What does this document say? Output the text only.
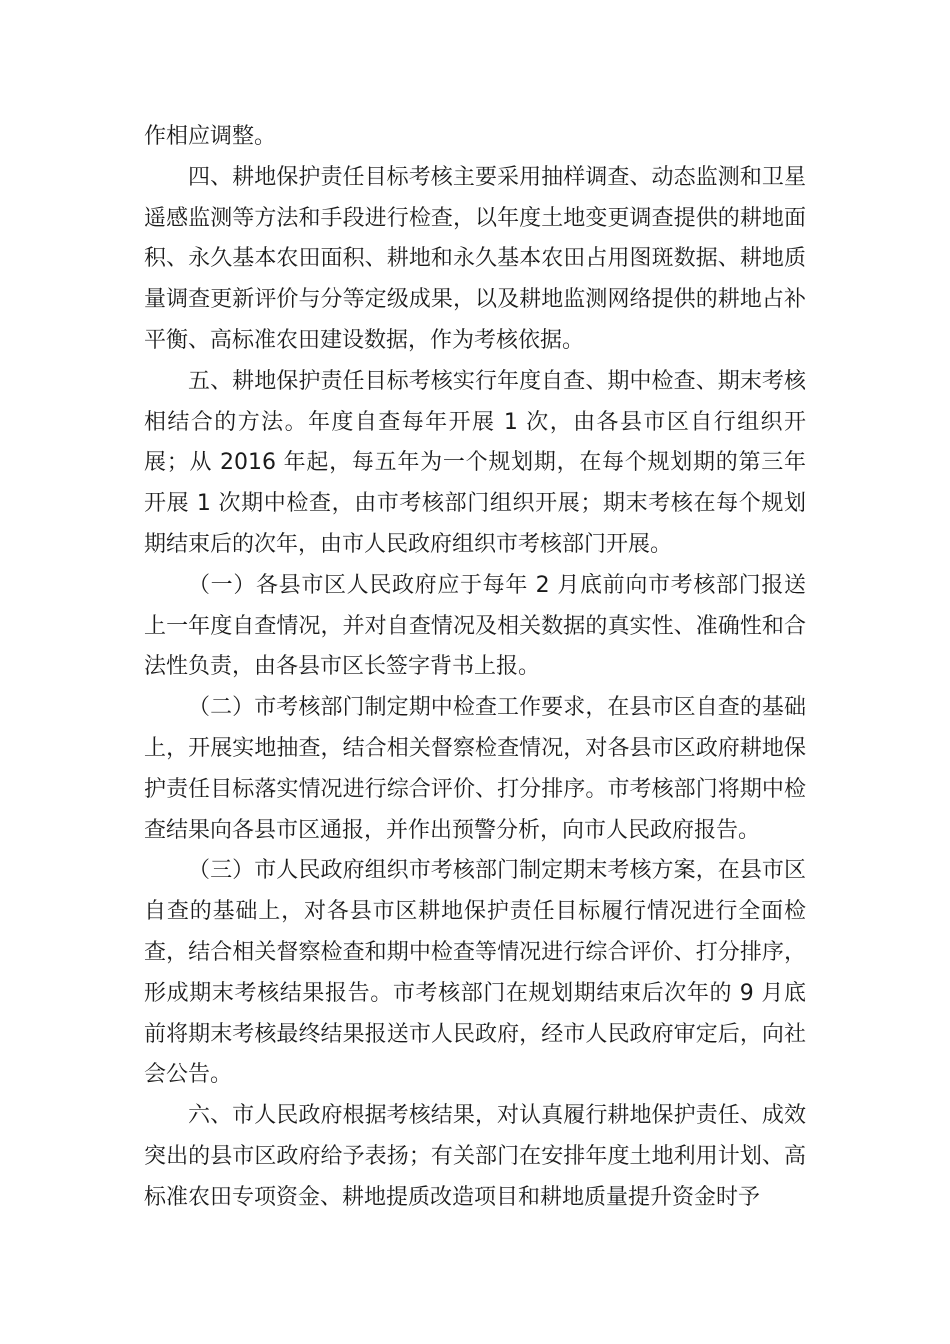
作相应调整。

四、耕地保护责任目标考核主要采用抽样调查、动态监测和卫星遥感监测等方法和手段进行检查，以年度土地变更调查提供的耕地面积、永久基本农田面积、耕地和永久基本农田占用图斑数据、耕地质量调查更新评价与分等定级成果，以及耕地监测网络提供的耕地占补平衡、高标准农田建设数据，作为考核依据。

五、耕地保护责任目标考核实行年度自查、期中检查、期末考核相结合的方法。年度自查每年开展 1 次，由各县市区自行组织开展；从 2016 年起，每五年为一个规划期，在每个规划期的第三年开展 1 次期中检查，由市考核部门组织开展；期末考核在每个规划期结束后的次年，由市人民政府组织市考核部门开展。

（一）各县市区人民政府应于每年 2 月底前向市考核部门报送上一年度自查情况，并对自查情况及相关数据的真实性、准确性和合法性负责，由各县市区长签字背书上报。

（二）市考核部门制定期中检查工作要求，在县市区自查的基础上，开展实地抽查，结合相关督察检查情况，对各县市区政府耕地保护责任目标落实情况进行综合评价、打分排序。市考核部门将期中检查结果向各县市区通报，并作出预警分析，向市人民政府报告。

（三）市人民政府组织市考核部门制定期末考核方案，在县市区自查的基础上，对各县市区耕地保护责任目标履行情况进行全面检查，结合相关督察检查和期中检查等情况进行综合评价、打分排序，形成期末考核结果报告。市考核部门在规划期结束后次年的 9 月底前将期末考核最终结果报送市人民政府，经市人民政府审定后，向社会公告。

六、市人民政府根据考核结果，对认真履行耕地保护责任、成效突出的县市区政府给予表扬；有关部门在安排年度土地利用计划、高标准农田专项资金、耕地提质改造项目和耕地质量提升资金时予
